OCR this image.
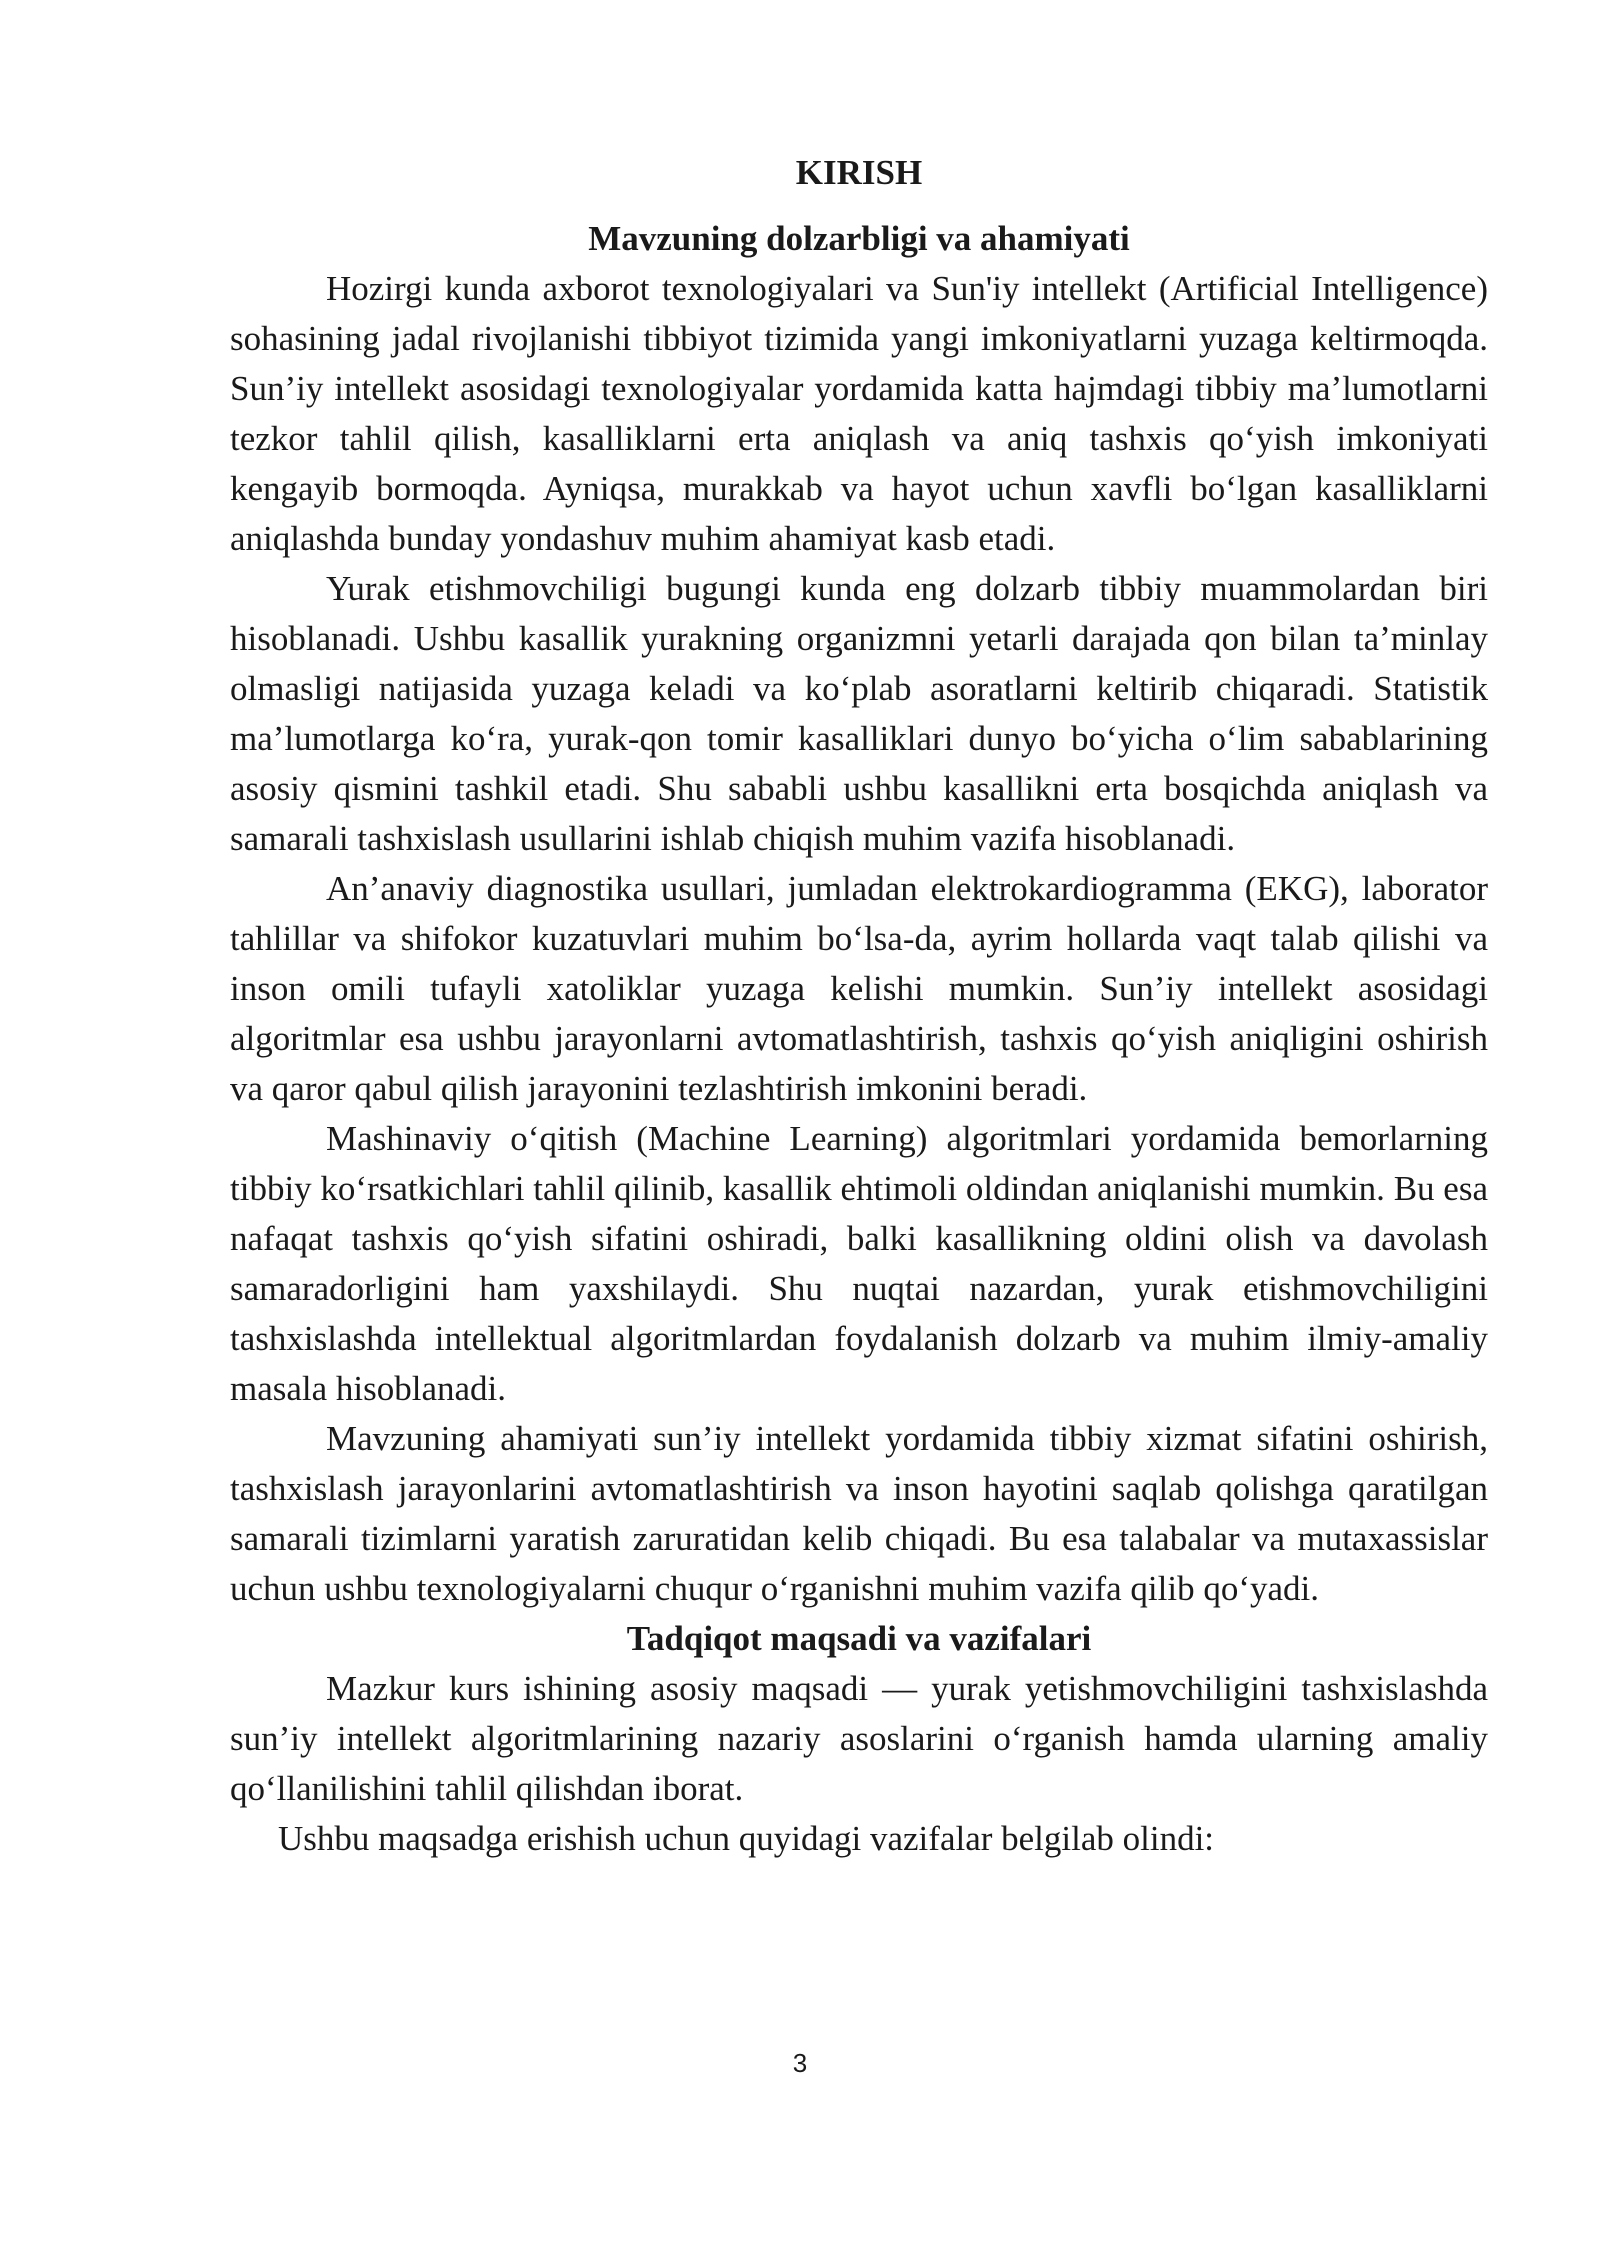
KIRISH
Mavzuning dolzarbligi va ahamiyati

Hozirgi kunda axborot texnologiyalari va Sun'iy intellekt (Artificial Intelligence) sohasining jadal rivojlanishi tibbiyot tizimida yangi imkoniyatlarni yuzaga keltirmoqda. Sun’iy intellekt asosidagi texnologiyalar yordamida katta hajmdagi tibbiy ma’lumotlarni tezkor tahlil qilish, kasalliklarni erta aniqlash va aniq tashxis qo‘yish imkoniyati kengayib bormoqda. Ayniqsa, murakkab va hayot uchun xavfli bo‘lgan kasalliklarni aniqlashda bunday yondashuv muhim ahamiyat kasb etadi.

Yurak etishmovchiligi bugungi kunda eng dolzarb tibbiy muammolardan biri hisoblanadi. Ushbu kasallik yurakning organizmni yetarli darajada qon bilan ta’minlay olmasligi natijasida yuzaga keladi va ko‘plab asoratlarni keltirib chiqaradi. Statistik ma’lumotlarga ko‘ra, yurak-qon tomir kasalliklari dunyo bo‘yicha o‘lim sabablarining asosiy qismini tashkil etadi. Shu sababli ushbu kasallikni erta bosqichda aniqlash va samarali tashxislash usullarini ishlab chiqish muhim vazifa hisoblanadi.

An’anaviy diagnostika usullari, jumladan elektrokardiogramma (EKG), laborator tahlillar va shifokor kuzatuvlari muhim bo‘lsa-da, ayrim hollarda vaqt talab qilishi va inson omili tufayli xatoliklar yuzaga kelishi mumkin. Sun’iy intellekt asosidagi algoritmlar esa ushbu jarayonlarni avtomatlashtirish, tashxis qo‘yish aniqligini oshirish va qaror qabul qilish jarayonini tezlashtirish imkonini beradi.

Mashinaviy o‘qitish (Machine Learning) algoritmlari yordamida bemorlarning tibbiy ko‘rsatkichlari tahlil qilinib, kasallik ehtimoli oldindan aniqlanishi mumkin. Bu esa nafaqat tashxis qo‘yish sifatini oshiradi, balki kasallikning oldini olish va davolash samaradorligini ham yaxshilaydi. Shu nuqtai nazardan, yurak etishmovchiligini tashxislashda intellektual algoritmlardan foydalanish dolzarb va muhim ilmiy-amaliy masala hisoblanadi.

Mavzuning ahamiyati sun’iy intellekt yordamida tibbiy xizmat sifatini oshirish, tashxislash jarayonlarini avtomatlashtirish va inson hayotini saqlab qolishga qaratilgan samarali tizimlarni yaratish zaruratidan kelib chiqadi. Bu esa talabalar va mutaxassislar uchun ushbu texnologiyalarni chuqur o‘rganishni muhim vazifa qilib qo‘yadi.

Tadqiqot maqsadi va vazifalari

Mazkur kurs ishining asosiy maqsadi — yurak yetishmovchiligini tashxislashda sun’iy intellekt algoritmlarining nazariy asoslarini o‘rganish hamda ularning amaliy qo‘llanilishini tahlil qilishdan iborat.

Ushbu maqsadga erishish uchun quyidagi vazifalar belgilab olindi:

3
